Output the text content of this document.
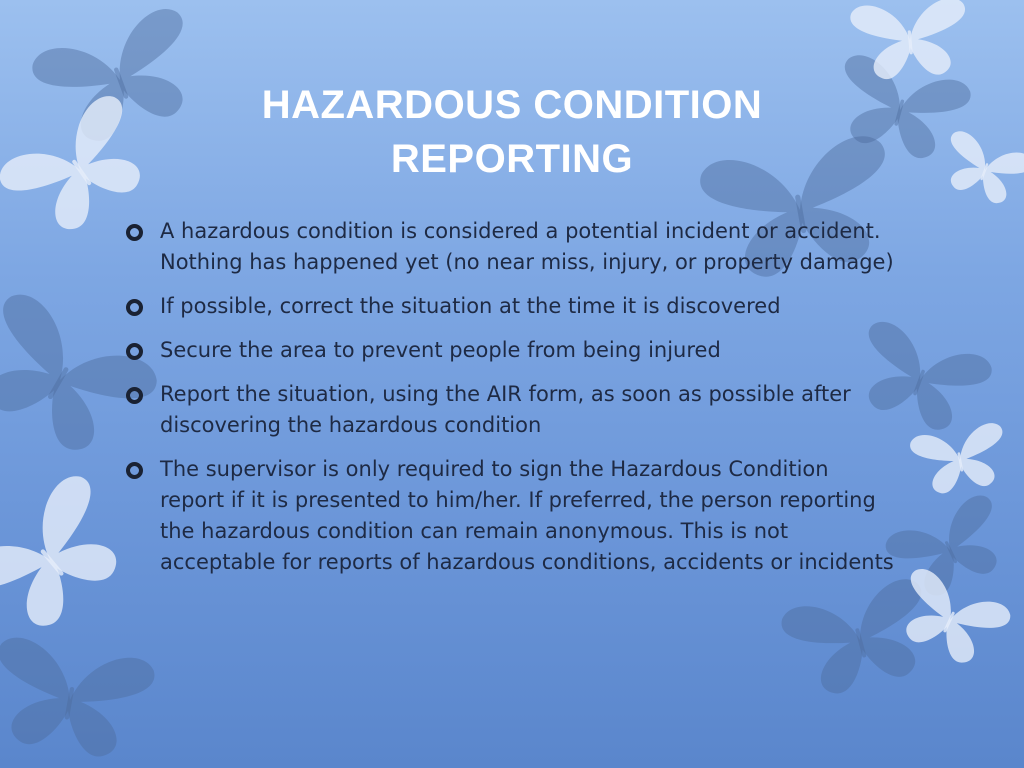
HAZARDOUS CONDITION
REPORTING
A hazardous condition is considered a potential incident or accident. Nothing has happened yet (no near miss, injury, or property damage)
If possible, correct the situation at the time it is discovered
Secure the area to prevent people from being injured
Report the situation, using the AIR form, as soon as possible after discovering the hazardous condition
The supervisor is only required to sign the Hazardous Condition report if it is presented to him/her. If preferred, the person reporting the hazardous condition can remain anonymous. This is not acceptable for reports of hazardous conditions, accidents or incidents
